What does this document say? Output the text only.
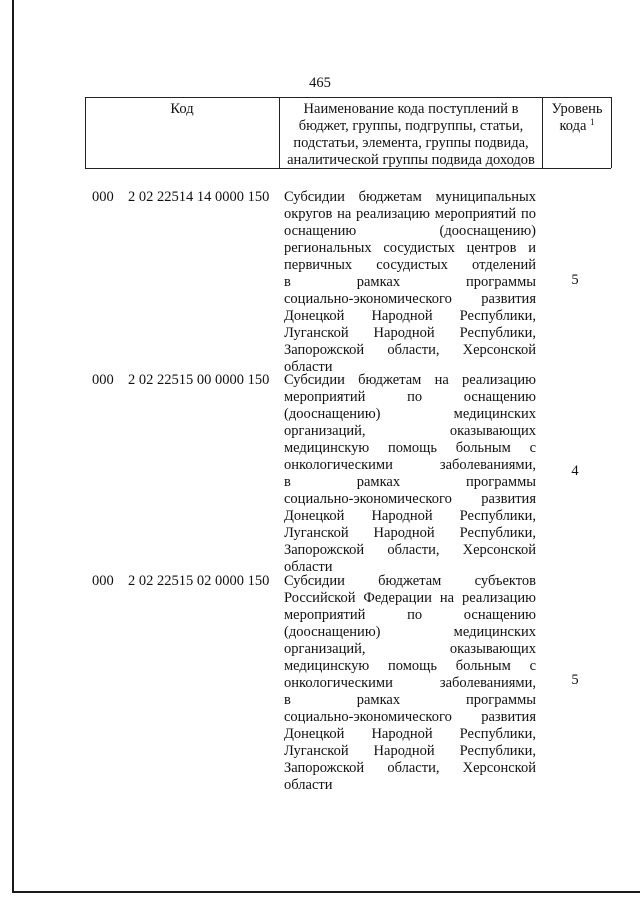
465
Код	Наименование кода поступлений в
бюджет, группы, подгруппы, статьи,
подстатьи, элемента, группы подвида,
аналитической группы подвида доходов
Уровень
кода $^1$
000 2 02 22514 14 0000 150 Субсидии бюджетам муниципальных
округов на реализацию мероприятий по
оснащению (дооснащению)
региональных сосудистых центров и
первичных сосудистых отделений
в рамках программы
социально-экономического развития
Донецкой Народной Республики,
Луганской Народной Республики,
Запорожской области, Херсонской
области
5
000 2 02 22515 00 0000 150 Субсидии бюджетам на реализацию
мероприятий по оснащению
(дооснащению) медицинских
организаций, оказывающих
медицинскую помощь больным с
онкологическими заболеваниями,
в рамках программы
социально-экономического развития
Донецкой Народной Республики,
Луганской Народной Республики,
Запорожской области, Херсонской
области
4
000 2 02 22515 02 0000 150 Субсидии бюджетам субъектов
Российской Федерации на реализацию
мероприятий по оснащению
(дооснащению) медицинских
организаций, оказывающих
медицинскую помощь больным с
онкологическими заболеваниями,
в рамках программы
социально-экономического развития
Донецкой Народной Республики,
Луганской Народной Республики,
Запорожской области, Херсонской
области
5
